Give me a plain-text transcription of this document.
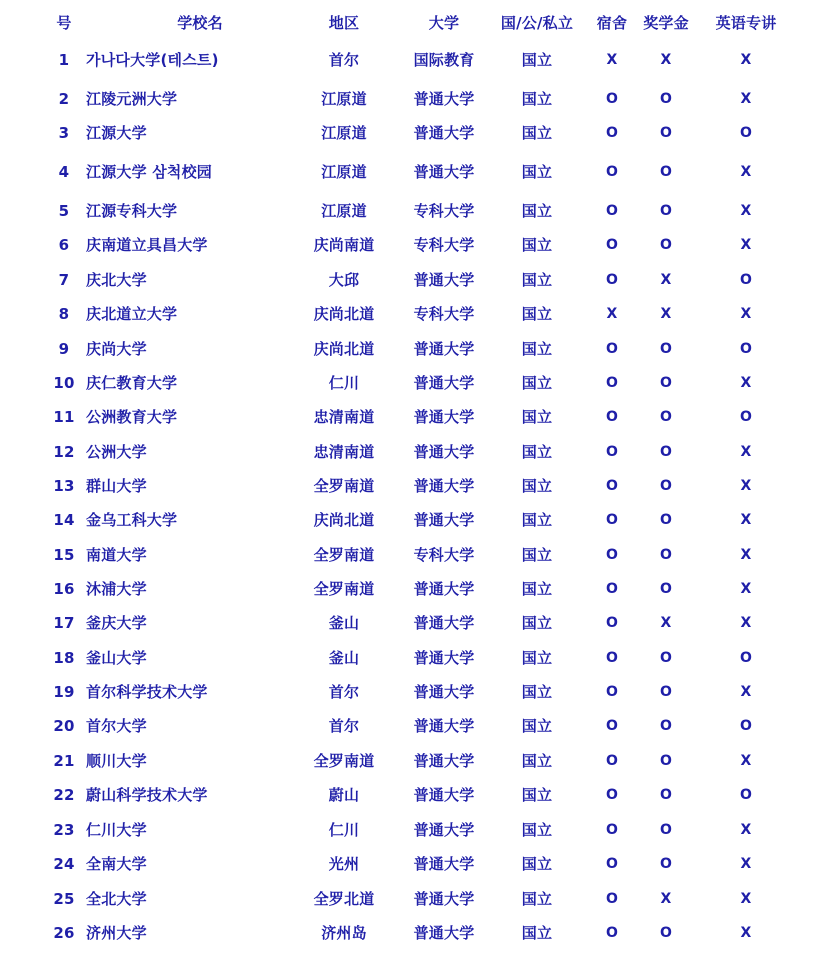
号	学校名	地区	大学	国/公/私立	宿舍	奖学金	英语专讲
1	가나다大学(테스트)	首尔	国际教育	国立	X	X	X
2	江陵元洲大学	江原道	普通大学	国立	O	O	X
3	江源大学	江原道	普通大学	国立	O	O	O
4	江源大学 삼척校园	江原道	普通大学	国立	O	O	X
5	江源专科大学	江原道	专科大学	国立	O	O	X
6	庆南道立具昌大学	庆尚南道	专科大学	国立	O	O	X
7	庆北大学	大邱	普通大学	国立	O	X	O
8	庆北道立大学	庆尚北道	专科大学	国立	X	X	X
9	庆尚大学	庆尚北道	普通大学	国立	O	O	O
10 庆仁教育大学	仁川	普通大学	国立	O	O	X
11 公洲教育大学	忠清南道	普通大学	国立	O	O	O
12 公洲大学	忠清南道	普通大学	国立	O	O	X
13 群山大学	全罗南道	普通大学	国立	O	O	X
14 金乌工科大学	庆尚北道	普通大学	国立	O	O	X
15 南道大学	全罗南道	专科大学	国立	O	O	X
16 沐浦大学	全罗南道	普通大学	国立	O	O	X
17 釜庆大学	釜山	普通大学	国立	O	X	X
18 釜山大学	釜山	普通大学	国立	O	O	O
19 首尔科学技术大学	首尔	普通大学	国立	O	O	X
20 首尔大学	首尔	普通大学	国立	O	O	O
21 顺川大学	全罗南道	普通大学	国立	O	O	X
22 蔚山科学技术大学	蔚山	普通大学	国立	O	O	O
23 仁川大学	仁川	普通大学	国立	O	O	X
24 全南大学	光州	普通大学	国立	O	O	X
25 全北大学	全罗北道	普通大学	国立	O	X	X
26 济州大学	济州岛	普通大学	国立	O	O	X
